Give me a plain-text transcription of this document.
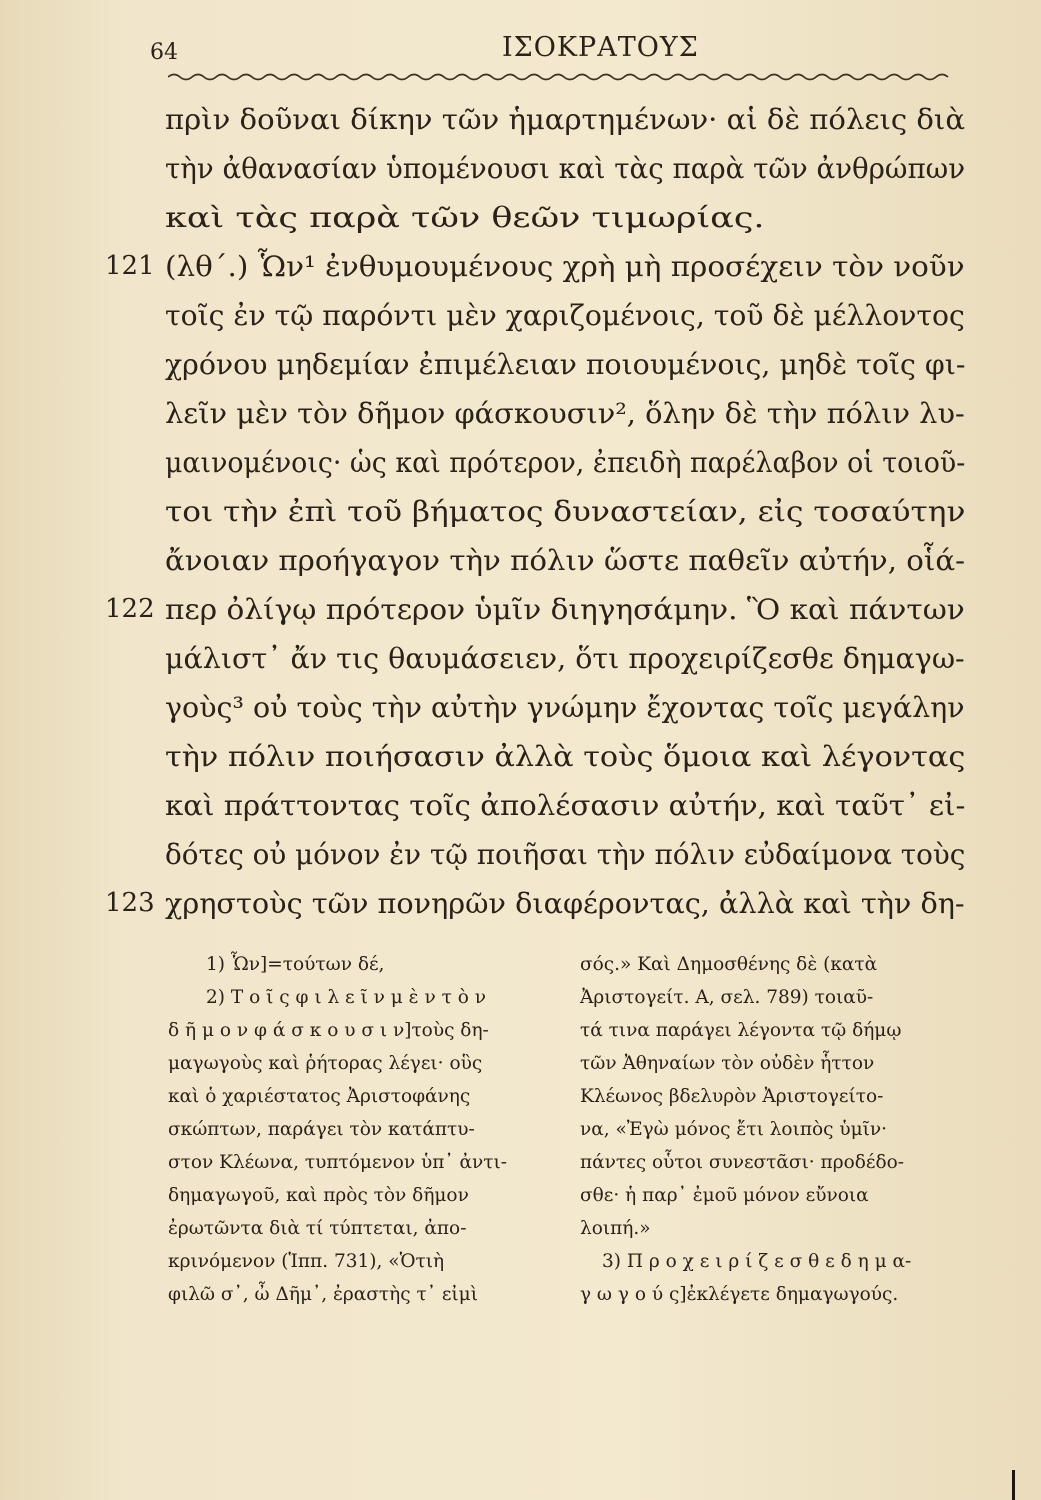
64	ΙΣΟΚΡΑΤΟΥΣ
πρὶν δοῦναι δίκην τῶν ἡμαρτημένων· αἱ δὲ πόλεις διὰ
τὴν ἀθανασίαν ὑπομένουσι καὶ τὰς παρὰ τῶν ἀνθρώπων
καὶ τὰς παρὰ τῶν θεῶν τιμωρίας.
121 (λθ΄.) Ὧν¹ ἐνθυμουμένους χρὴ μὴ προσέχειν τὸν νοῦν
τοῖς ἐν τῷ παρόντι μὲν χαριζομένοις, τοῦ δὲ μέλλοντος
χρόνου μηδεμίαν ἐπιμέλειαν ποιουμένοις, μηδὲ τοῖς φι-
λεῖν μὲν τὸν δῆμον φάσκουσιν², ὅλην δὲ τὴν πόλιν λυ-
μαινομένοις· ὡς καὶ πρότερον, ἐπειδὴ παρέλαβον οἱ τοιοῦ-
τοι τὴν ἐπὶ τοῦ βήματος δυναστείαν, εἰς τοσαύτην
ἄνοιαν προήγαγον τὴν πόλιν ὥστε παθεῖν αὐτήν, οἷά-
122 περ ὀλίγῳ πρότερον ὑμῖν διηγησάμην. Ὃ καὶ πάντων
μάλιστ᾽ ἄν τις θαυμάσειεν, ὅτι προχειρίζεσθε δημαγω-
γοὺς³ οὐ τοὺς τὴν αὐτὴν γνώμην ἔχοντας τοῖς μεγάλην
τὴν πόλιν ποιήσασιν ἀλλὰ τοὺς ὅμοια καὶ λέγοντας
καὶ πράττοντας τοῖς ἀπολέσασιν αὐτήν, καὶ ταῦτ᾽ εἰ-
δότες οὐ μόνον ἐν τῷ ποιῆσαι τὴν πόλιν εὐδαίμονα τοὺς
123 χρηστοὺς τῶν πονηρῶν διαφέροντας, ἀλλὰ καὶ τὴν δη-
1) Ὧν]=τούτων δέ,
2) Τ ο ῖ ς φ ι λ ε ῖ ν μ ὲ ν τ ὸ ν
δ ῆ μ ο ν φ ά σ κ ο υ σ ι ν]τοὺς δη-
μαγωγοὺς καὶ ῥήτορας λέγει· οὓς
καὶ ὁ χαριέστατος Ἀριστοφάνης
σκώπτων, παράγει τὸν κατάπτυ-
στον Κλέωνα, τυπτόμενον ὑπ᾽ ἀντι-
δημαγωγοῦ, καὶ πρὸς τὸν δῆμον
ἐρωτῶντα διὰ τί τύπτεται, ἀπο-
κρινόμενον (Ἱππ. 731), «Ὁτιὴ
φιλῶ σ᾽, ὦ Δῆμ᾽, ἐραστὴς τ᾽ εἰμὶ
σός.» Καὶ Δημοσθένης δὲ (κατὰ
Ἀριστογείτ. Α, σελ. 789) τοιαῦ-
τά τινα παράγει λέγοντα τῷ δήμῳ
τῶν Ἀθηναίων τὸν οὐδὲν ἧττον
Κλέωνος βδελυρὸν Ἀριστογείτο-
να, «Ἐγὼ μόνος ἔτι λοιπὸς ὑμῖν·
πάντες οὗτοι συνεστᾶσι· προδέδο-
σθε· ἡ παρ᾽ ἐμοῦ μόνον εὔνοια
λοιπή.»
3) Π ρ ο χ ε ι ρ ί ζ ε σ θ ε δ η μ α-
γ ω γ ο ύ ς]ἐκλέγετε δημαγωγούς.
